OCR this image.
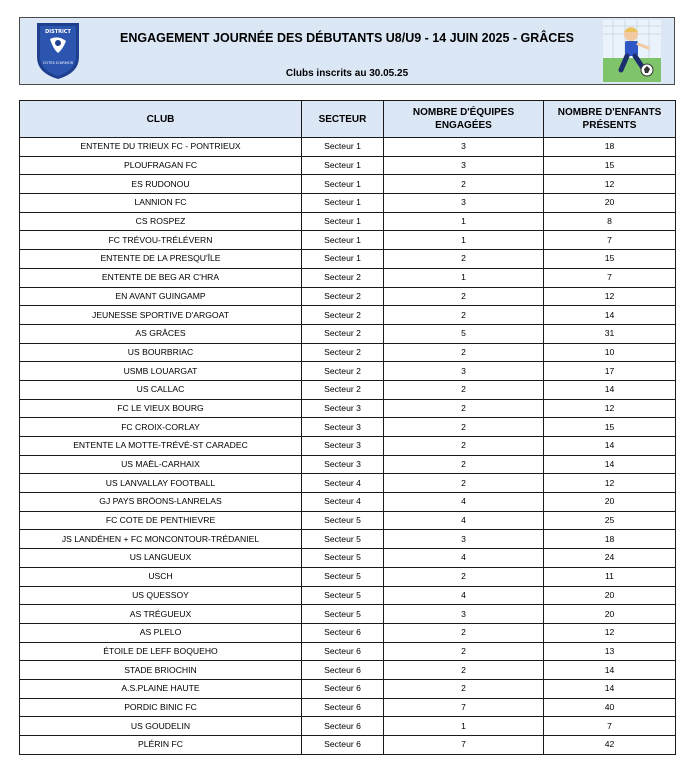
DISTRICT
COTES D'ARMOR
ENGAGEMENT JOURNÉE DES DÉBUTANTS U8/U9 - 14 JUIN 2025 - GRÂCES
Clubs inscrits au 30.05.25
CLUB	SECTEUR	NOMBRE D'ÉQUIPES ENGAGÉES	NOMBRE D'ENFANTS PRÉSENTS
ENTENTE DU TRIEUX FC - PONTRIEUX	Secteur 1	3	18
PLOUFRAGAN FC	Secteur 1	3	15
ES RUDONOU	Secteur 1	2	12
LANNION FC	Secteur 1	3	20
CS ROSPEZ	Secteur 1	1	8
FC TRÉVOU-TRÉLÉVERN	Secteur 1	1	7
ENTENTE DE LA PRESQU'ÎLE	Secteur 1	2	15
ENTENTE DE BEG AR C'HRA	Secteur 2	1	7
EN AVANT GUINGAMP	Secteur 2	2	12
JEUNESSE SPORTIVE D'ARGOAT	Secteur 2	2	14
AS GRÂCES	Secteur 2	5	31
US BOURBRIAC	Secteur 2	2	10
USMB LOUARGAT	Secteur 2	3	17
US CALLAC	Secteur 2	2	14
FC LE VIEUX BOURG	Secteur 3	2	12
FC CROIX-CORLAY	Secteur 3	2	15
ENTENTE LA MOTTE-TRÉVÉ-ST CARADEC	Secteur 3	2	14
US MAËL-CARHAIX	Secteur 3	2	14
US LANVALLAY FOOTBALL	Secteur 4	2	12
GJ PAYS BRÖONS-LANRELAS	Secteur 4	4	20
FC COTE DE PENTHIEVRE	Secteur 5	4	25
JS LANDÉHEN + FC MONCONTOUR-TRÉDANIEL	Secteur 5	3	18
US LANGUEUX	Secteur 5	4	24
USCH	Secteur 5	2	11
US QUESSOY	Secteur 5	4	20
AS TRÉGUEUX	Secteur 5	3	20
AS PLELO	Secteur 6	2	12
ÉTOILE DE LEFF BOQUEHO	Secteur 6	2	13
STADE BRIOCHIN	Secteur 6	2	14
A.S.PLAINE HAUTE	Secteur 6	2	14
PORDIC BINIC FC	Secteur 6	7	40
US GOUDELIN	Secteur 6	1	7
PLÉRIN FC	Secteur 6	7	42
